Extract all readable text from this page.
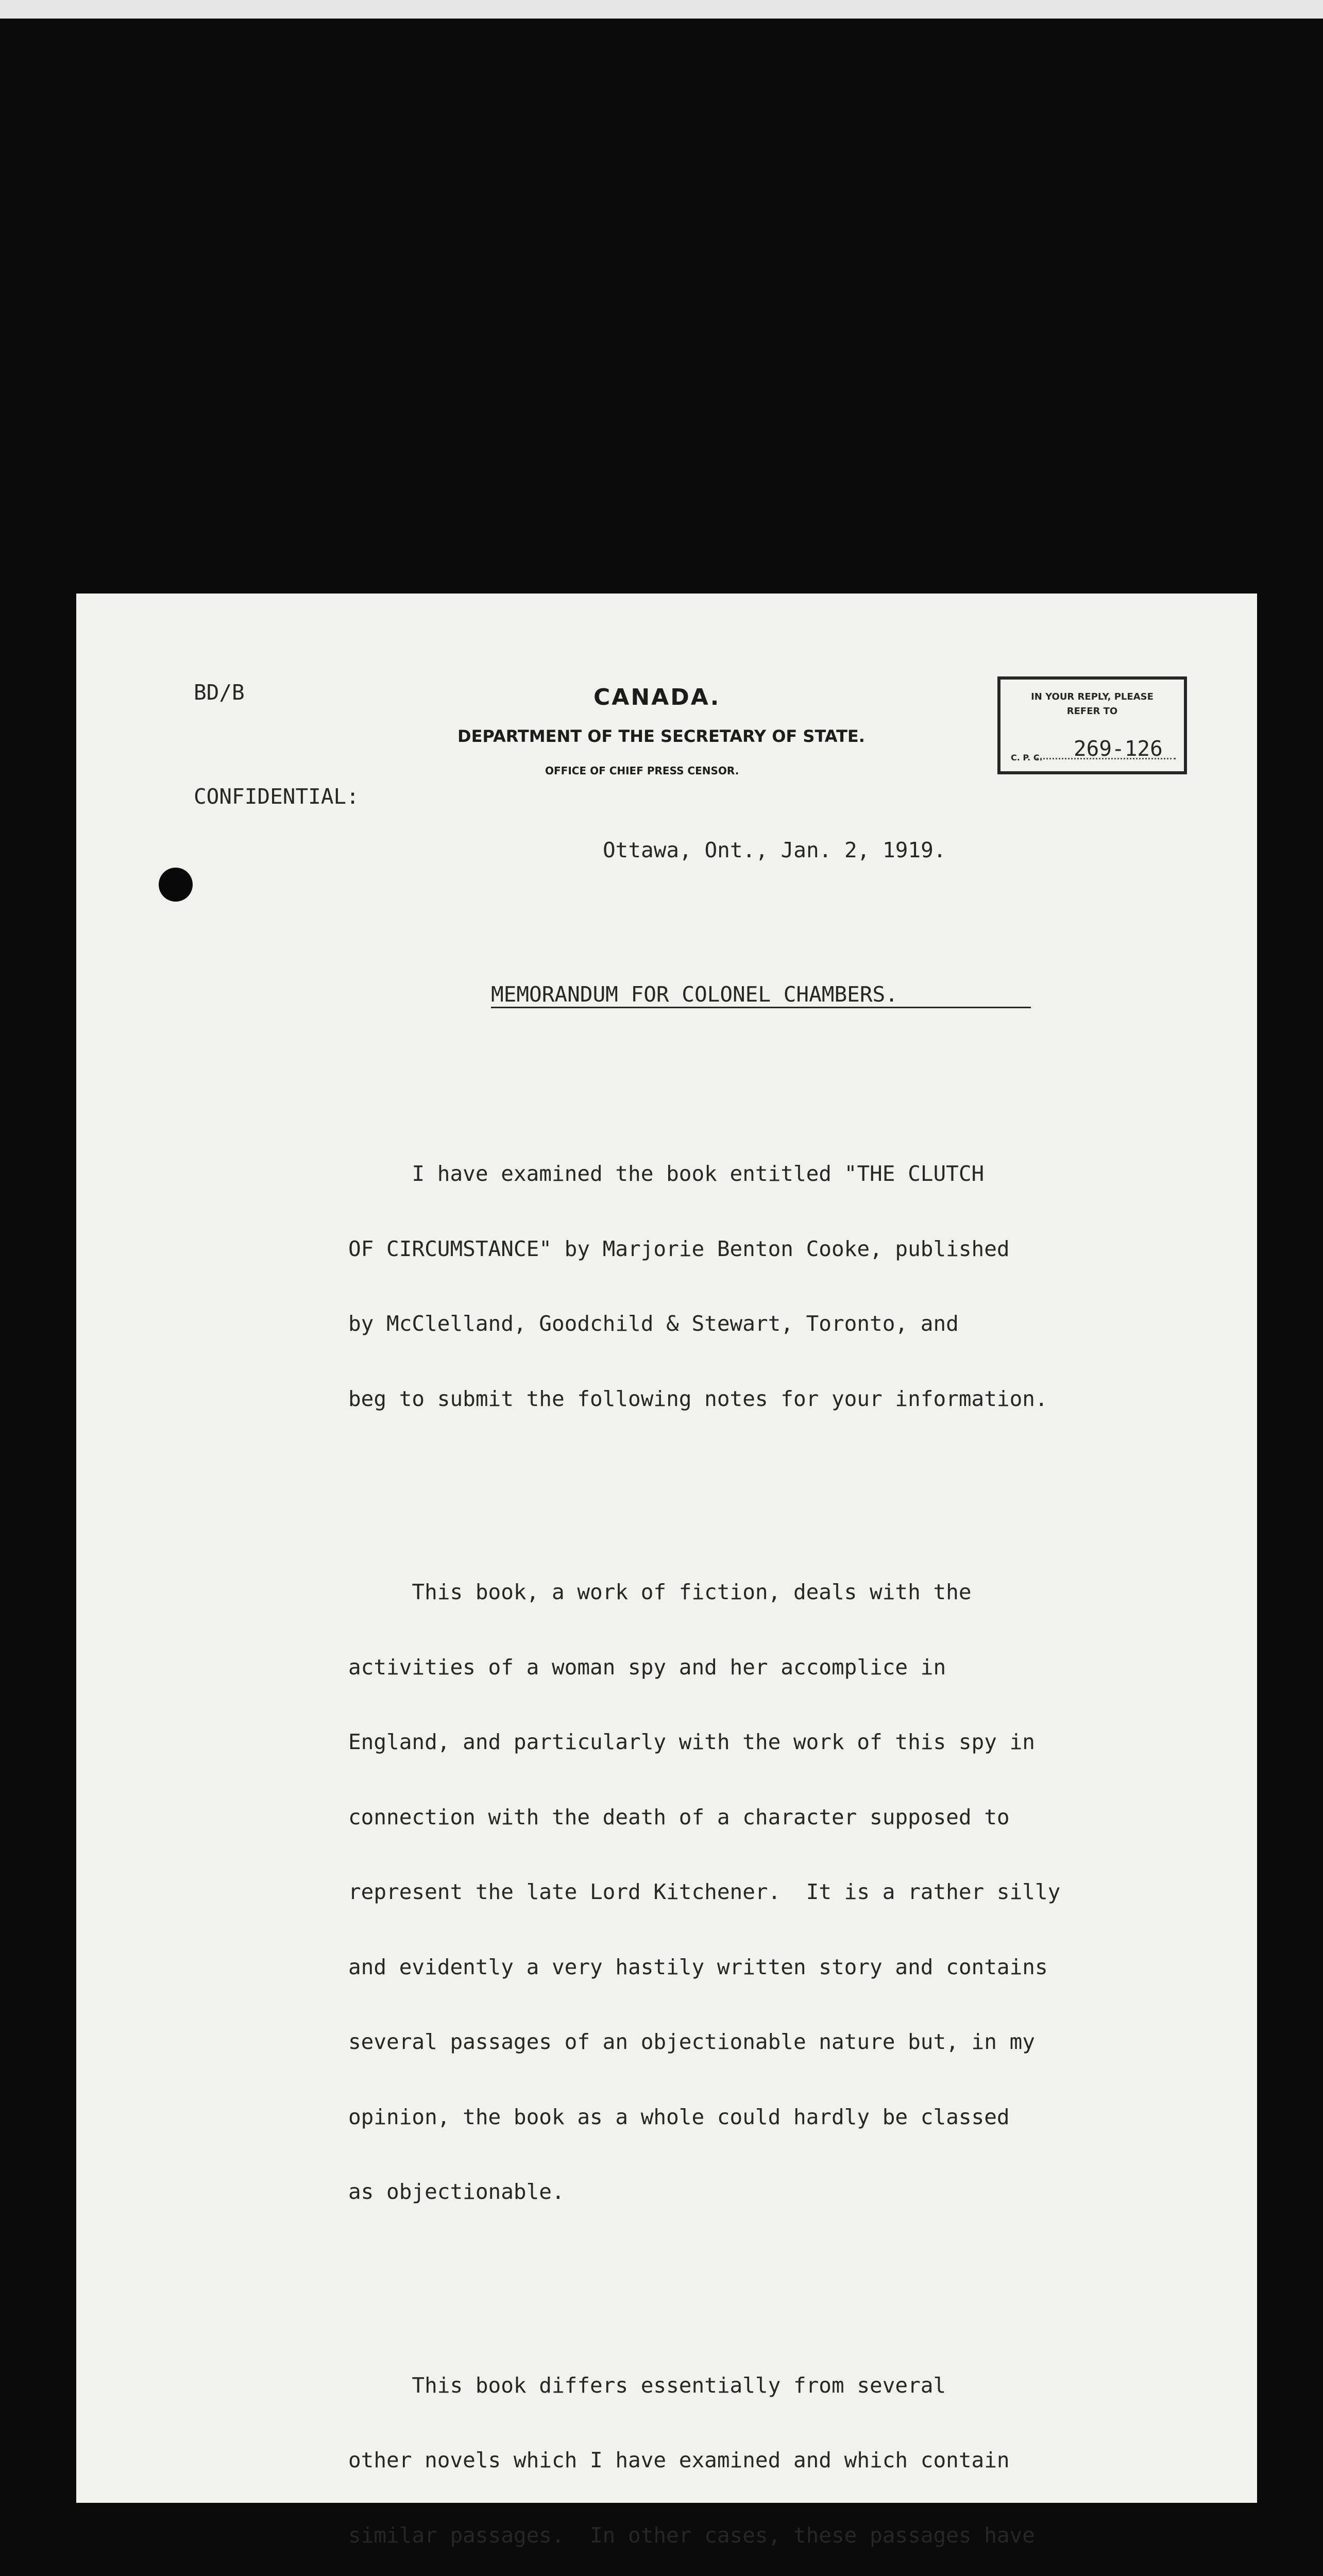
BD/B	CANADA.

DEPARTMENT OF THE SECRETARY OF STATE.

OFFICE OF CHIEF PRESS CENSOR.

IN YOUR REPLY, PLEASE
REFER TO

C. P. C. 269-126

CONFIDENTIAL:

Ottawa, Ont., Jan. 2, 1919.

MEMORANDUM FOR COLONEL CHAMBERS.

I have examined the book entitled "THE CLUTCH

OF CIRCUMSTANCE" by Marjorie Benton Cooke, published

by McClelland, Goodchild & Stewart, Toronto, and

beg to submit the following notes for your information.

This book, a work of fiction, deals with the

activities of a woman spy and her accomplice in

England, and particularly with the work of this spy in

connection with the death of a character supposed to

represent the late Lord Kitchener.  It is a rather silly

and evidently a very hastily written story and contains

several passages of an objectionable nature but, in my

opinion, the book as a whole could hardly be classed

as objectionable.

This book differs essentially from several

other novels which I have examined and which contain

similar passages.  In other cases, these passages have
